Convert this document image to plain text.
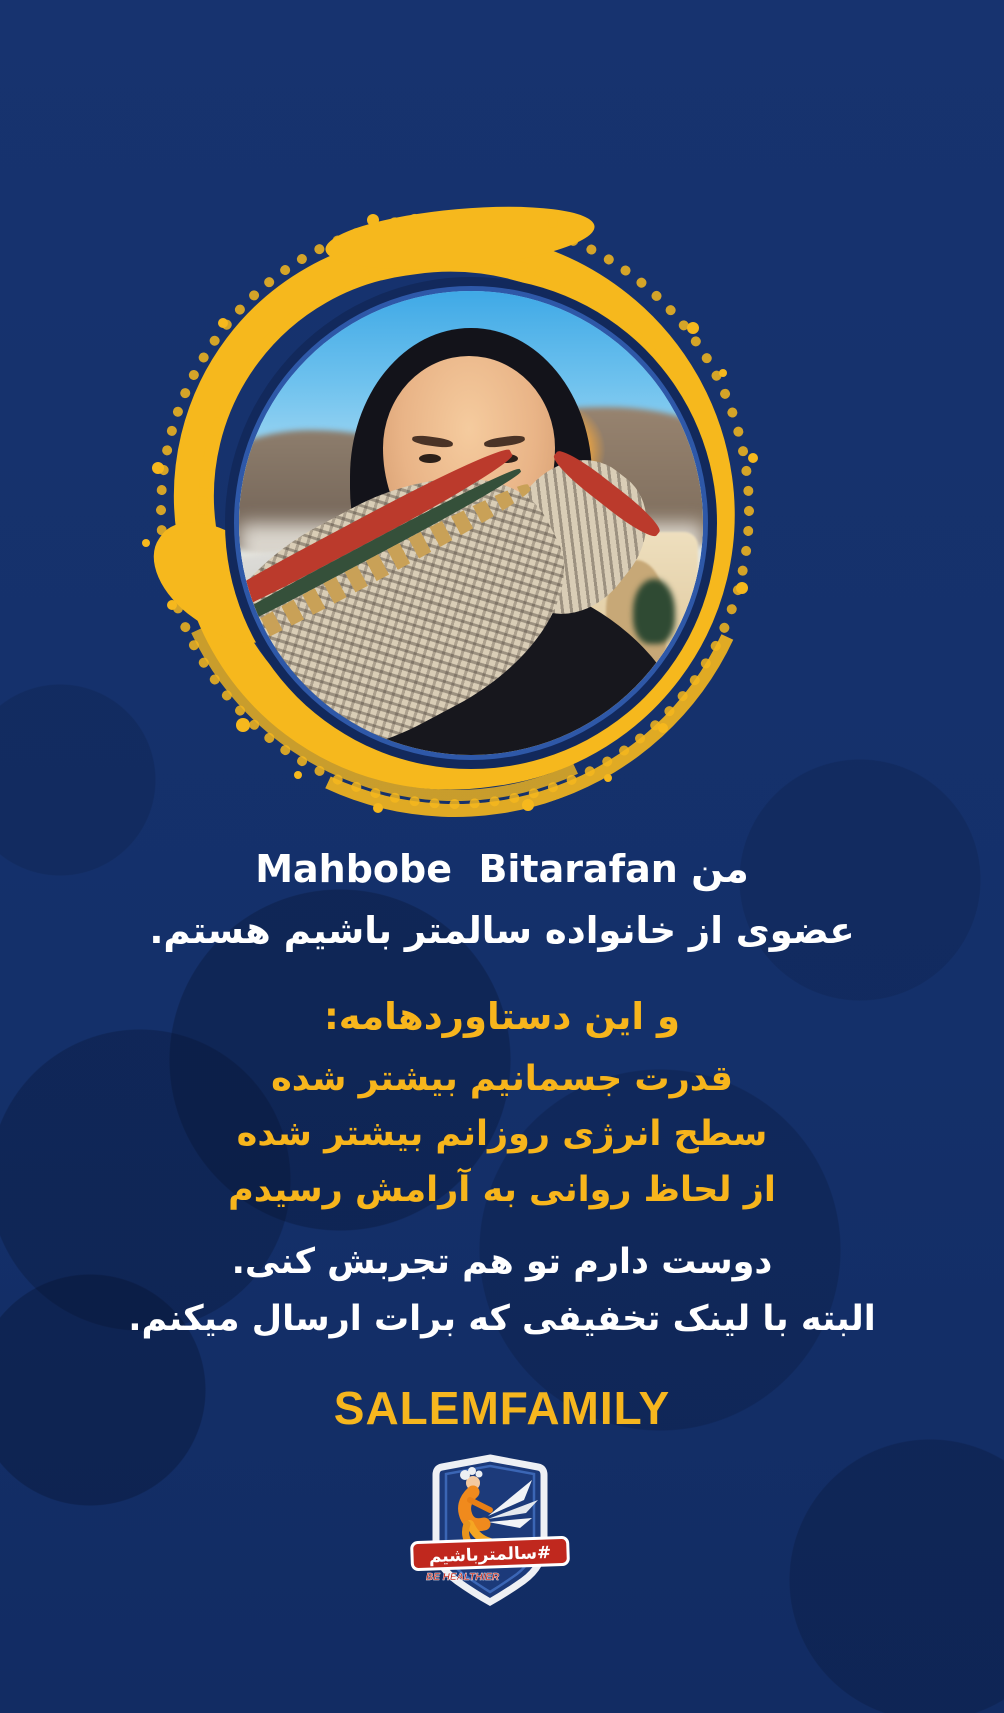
من Mahbobe  Bitarafan

عضوی از خانواده سالمتر باشیم هستم.

و این دستاوردهامه:

قدرت جسمانیم بیشتر شده

سطح انرژی روزانم بیشتر شده

از لحاظ روانی به آرامش رسیدم

دوست دارم تو هم تجربش کنی.

البته با لینک تخفیفی که برات ارسال میکنم.

SALEMFAMILY

#سالمترباشیم
BE HEALTHIER
